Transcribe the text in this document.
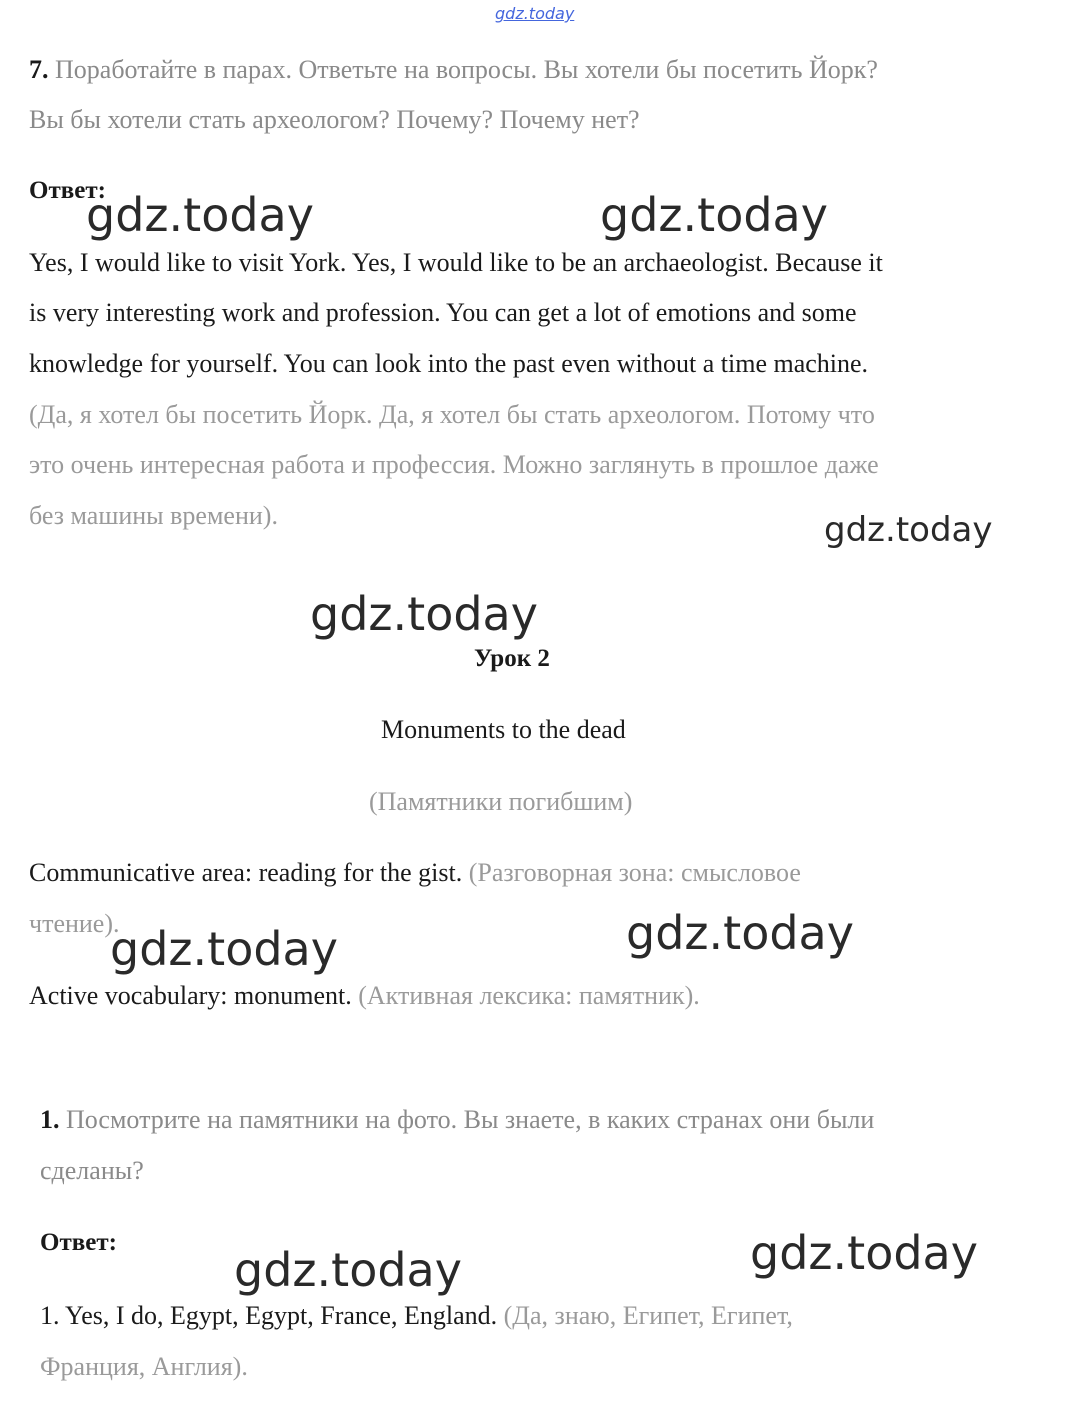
gdz.today
7. Поработайте в парах. Ответьте на вопросы. Вы хотели бы посетить Йорк?
Вы бы хотели стать археологом? Почему? Почему нет?
Ответ:
gdz.today	gdz.today
Yes, I would like to visit York. Yes, I would like to be an archaeologist. Because it
is very interesting work and profession. You can get a lot of emotions and some
knowledge for yourself. You can look into the past even without a time machine.
(Да, я хотел бы посетить Йорк. Да, я хотел бы стать археологом. Потому что
это очень интересная работа и профессия. Можно заглянуть в прошлое даже
без машины времени).	gdz.today
gdz.today
Урок 2
Monuments to the dead
(Памятники погибшим)
Communicative area: reading for the gist. (Разговорная зона: смысловое
чтение).
gdz.today	gdz.today
Active vocabulary: monument. (Активная лексика: памятник).
1. Посмотрите на памятники на фото. Вы знаете, в каких странах они были
сделаны?
Ответ:
gdz.today	gdz.today
1. Yes, I do, Egypt, Egypt, France, England. (Да, знаю, Египет, Египет,
Франция, Англия).
